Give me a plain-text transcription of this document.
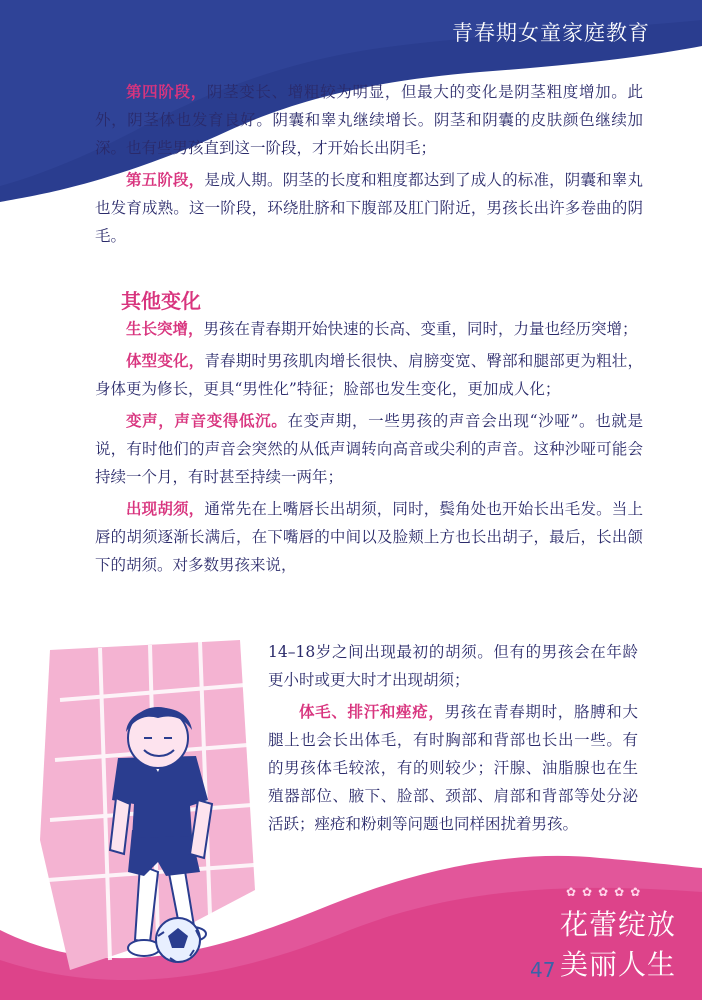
青春期女童家庭教育

第四阶段，阴茎变长、增粗较为明显，但最大的变化是阴茎粗度增加。此外，阴茎体也发育良好。阴囊和睾丸继续增长。阴茎和阴囊的皮肤颜色继续加深。也有些男孩直到这一阶段，才开始长出阴毛；

第五阶段，是成人期。阴茎的长度和粗度都达到了成人的标准，阴囊和睾丸也发育成熟。这一阶段，环绕肚脐和下腹部及肛门附近，男孩长出许多卷曲的阴毛。

其他变化

生长突增，男孩在青春期开始快速的长高、变重，同时，力量也经历突增；

体型变化，青春期时男孩肌肉增长很快、肩膀变宽、臀部和腿部更为粗壮，身体更为修长，更具“男性化”特征；脸部也发生变化，更加成人化；

变声，声音变得低沉。在变声期，一些男孩的声音会出现“沙哑”。也就是说，有时他们的声音会突然的从低声调转向高音或尖利的声音。这种沙哑可能会持续一个月，有时甚至持续一两年；

出现胡须，通常先在上嘴唇长出胡须，同时，鬓角处也开始长出毛发。当上唇的胡须逐渐长满后，在下嘴唇的中间以及脸颊上方也长出胡子，最后，长出颌下的胡须。对多数男孩来说，

14–18岁之间出现最初的胡须。但有的男孩会在年龄更小时或更大时才出现胡须；

体毛、排汗和痤疮，男孩在青春期时，胳膊和大腿上也会长出体毛，有时胸部和背部也长出一些。有的男孩体毛较浓，有的则较少；汗腺、油脂腺也在生殖器部位、腋下、脸部、颈部、肩部和背部等处分泌活跃；痤疮和粉刺等问题也同样困扰着男孩。

47
✿✿✿✿✿
花蕾绽放
美丽人生
